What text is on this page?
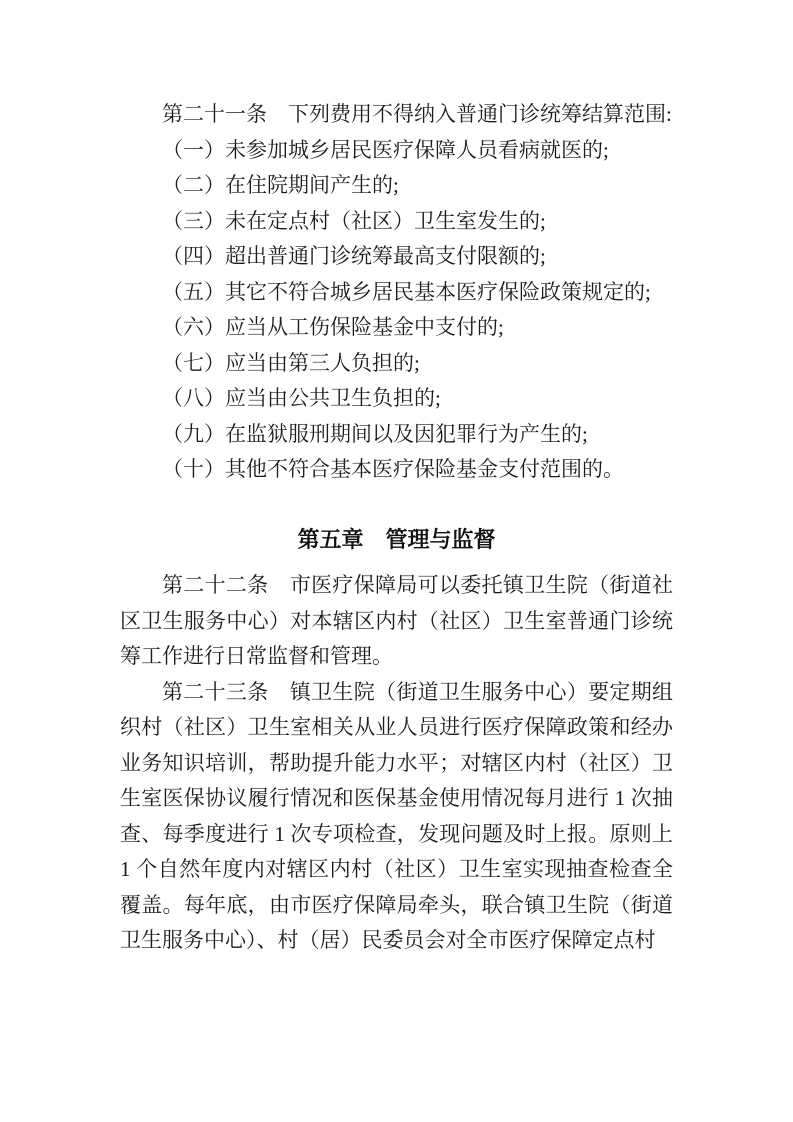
第二十一条　下列费用不得纳入普通门诊统筹结算范围:

（一）未参加城乡居民医疗保障人员看病就医的;

（二）在住院期间产生的;

（三）未在定点村（社区）卫生室发生的;

（四）超出普通门诊统筹最高支付限额的;

（五）其它不符合城乡居民基本医疗保险政策规定的;

（六）应当从工伤保险基金中支付的;

（七）应当由第三人负担的;

（八）应当由公共卫生负担的;

（九）在监狱服刑期间以及因犯罪行为产生的;

（十）其他不符合基本医疗保险基金支付范围的。

第五章　管理与监督

第二十二条　市医疗保障局可以委托镇卫生院（街道社区卫生服务中心）对本辖区内村（社区）卫生室普通门诊统筹工作进行日常监督和管理。

第二十三条　镇卫生院（街道卫生服务中心）要定期组织村（社区）卫生室相关从业人员进行医疗保障政策和经办业务知识培训，帮助提升能力水平；对辖区内村（社区）卫生室医保协议履行情况和医保基金使用情况每月进行 1 次抽查、每季度进行 1 次专项检查，发现问题及时上报。原则上 1 个自然年度内对辖区内村（社区）卫生室实现抽查检查全覆盖。每年底，由市医疗保障局牵头，联合镇卫生院（街道卫生服务中心）、村（居）民委员会对全市医疗保障定点村
